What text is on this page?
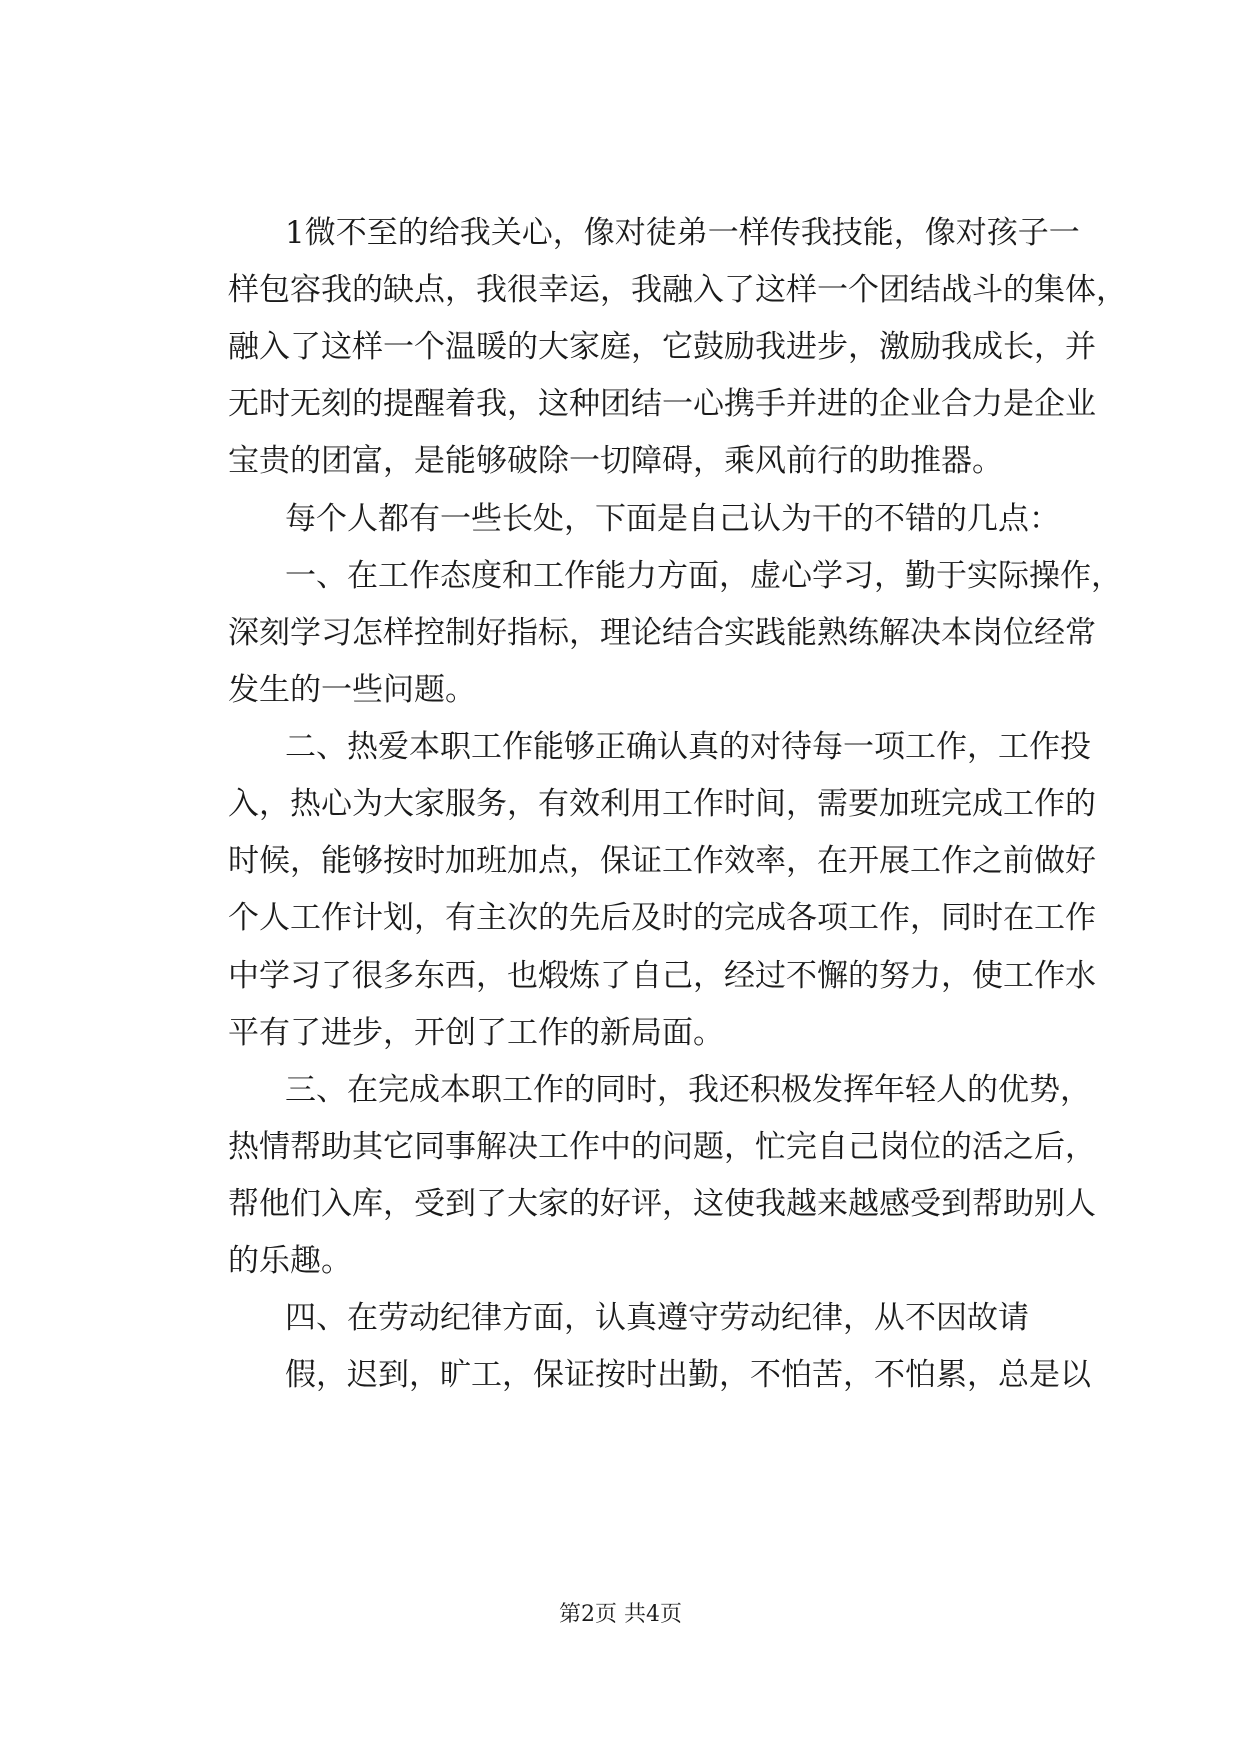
1微不至的给我关心，像对徒弟一样传我技能，像对孩子一
样包容我的缺点，我很幸运，我融入了这样一个团结战斗的集体，
融入了这样一个温暖的大家庭，它鼓励我进步，激励我成长，并
无时无刻的提醒着我，这种团结一心携手并进的企业合力是企业
宝贵的团富，是能够破除一切障碍，乘风前行的助推器。
每个人都有一些长处，下面是自己认为干的不错的几点：
一、在工作态度和工作能力方面，虚心学习，勤于实际操作，
深刻学习怎样控制好指标，理论结合实践能熟练解决本岗位经常
发生的一些问题。
二、热爱本职工作能够正确认真的对待每一项工作，工作投
入，热心为大家服务，有效利用工作时间，需要加班完成工作的
时候，能够按时加班加点，保证工作效率，在开展工作之前做好
个人工作计划，有主次的先后及时的完成各项工作，同时在工作
中学习了很多东西，也煅炼了自己，经过不懈的努力，使工作水
平有了进步，开创了工作的新局面。
三、在完成本职工作的同时，我还积极发挥年轻人的优势，
热情帮助其它同事解决工作中的问题，忙完自己岗位的活之后，
帮他们入库，受到了大家的好评，这使我越来越感受到帮助别人
的乐趣。
四、在劳动纪律方面，认真遵守劳动纪律，从不因故请
假，迟到，旷工，保证按时出勤，不怕苦，不怕累，总是以
第2页 共4页
